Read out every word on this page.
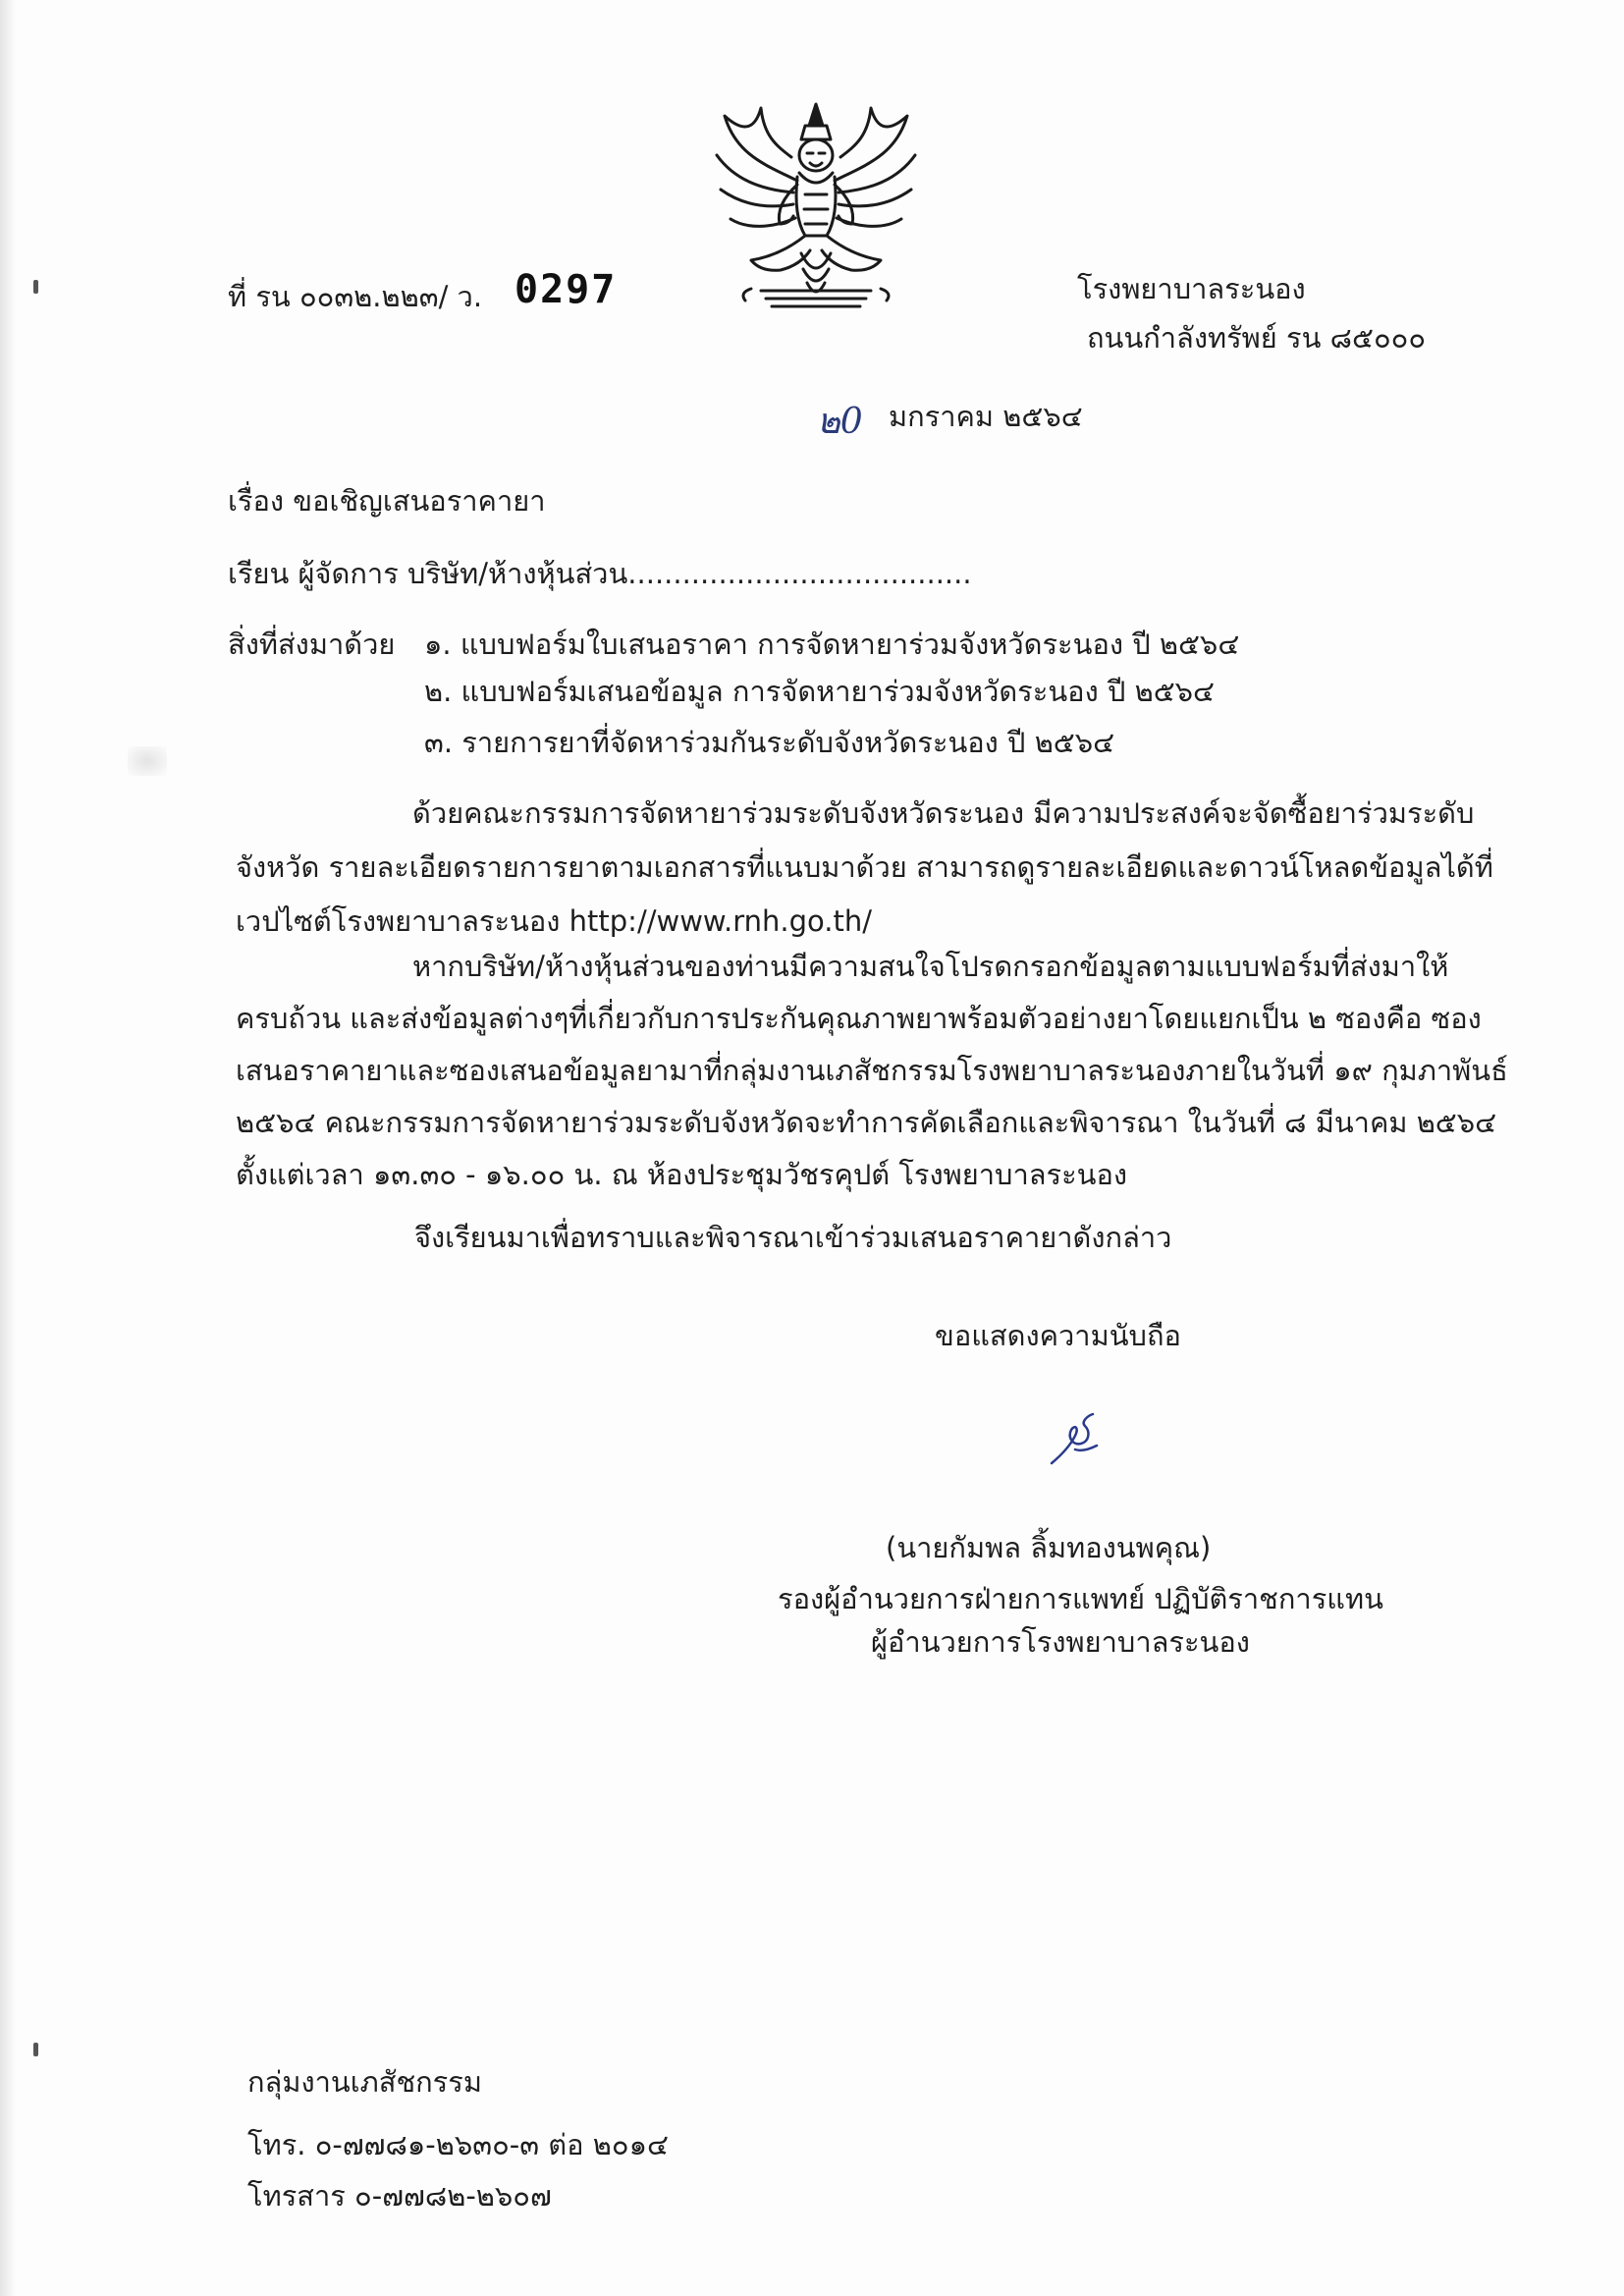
ที่ รน ๐๐๓๒.๒๒๓/ ว. 0297	โรงพยาบาลระนอง
ถนนกำลังทรัพย์ รน ๘๕๐๐๐
๒0 มกราคม ๒๕๖๔
เรื่อง ขอเชิญเสนอราคายา
เรียน ผู้จัดการ บริษัท/ห้างหุ้นส่วน......................................
สิ่งที่ส่งมาด้วย ๑. แบบฟอร์มใบเสนอราคา การจัดหายาร่วมจังหวัดระนอง ปี ๒๕๖๔
๒. แบบฟอร์มเสนอข้อมูล การจัดหายาร่วมจังหวัดระนอง ปี ๒๕๖๔
๓. รายการยาที่จัดหาร่วมกันระดับจังหวัดระนอง ปี ๒๕๖๔
ด้วยคณะกรรมการจัดหายาร่วมระดับจังหวัดระนอง มีความประสงค์จะจัดซื้อยาร่วมระดับ
จังหวัด รายละเอียดรายการยาตามเอกสารที่แนบมาด้วย สามารถดูรายละเอียดและดาวน์โหลดข้อมูลได้ที่
เวปไซต์โรงพยาบาลระนอง http://www.rnh.go.th/
หากบริษัท/ห้างหุ้นส่วนของท่านมีความสนใจโปรดกรอกข้อมูลตามแบบฟอร์มที่ส่งมาให้
ครบถ้วน และส่งข้อมูลต่างๆที่เกี่ยวกับการประกันคุณภาพยาพร้อมตัวอย่างยาโดยแยกเป็น ๒ ซองคือ ซอง
เสนอราคายาและซองเสนอข้อมูลยามาที่กลุ่มงานเภสัชกรรมโรงพยาบาลระนองภายในวันที่ ๑๙ กุมภาพันธ์
๒๕๖๔ คณะกรรมการจัดหายาร่วมระดับจังหวัดจะทำการคัดเลือกและพิจารณา ในวันที่ ๘ มีนาคม ๒๕๖๔
ตั้งแต่เวลา ๑๓.๓๐ - ๑๖.๐๐ น. ณ ห้องประชุมวัชรคุปต์ โรงพยาบาลระนอง
จึงเรียนมาเพื่อทราบและพิจารณาเข้าร่วมเสนอราคายาดังกล่าว
ขอแสดงความนับถือ
(นายกัมพล ลิ้มทองนพคุณ)
รองผู้อำนวยการฝ่ายการแพทย์ ปฏิบัติราชการแทน
ผู้อำนวยการโรงพยาบาลระนอง
กลุ่มงานเภสัชกรรม
โทร. ๐-๗๗๘๑-๒๖๓๐-๓ ต่อ ๒๐๑๔
โทรสาร ๐-๗๗๘๒-๒๖๐๗
